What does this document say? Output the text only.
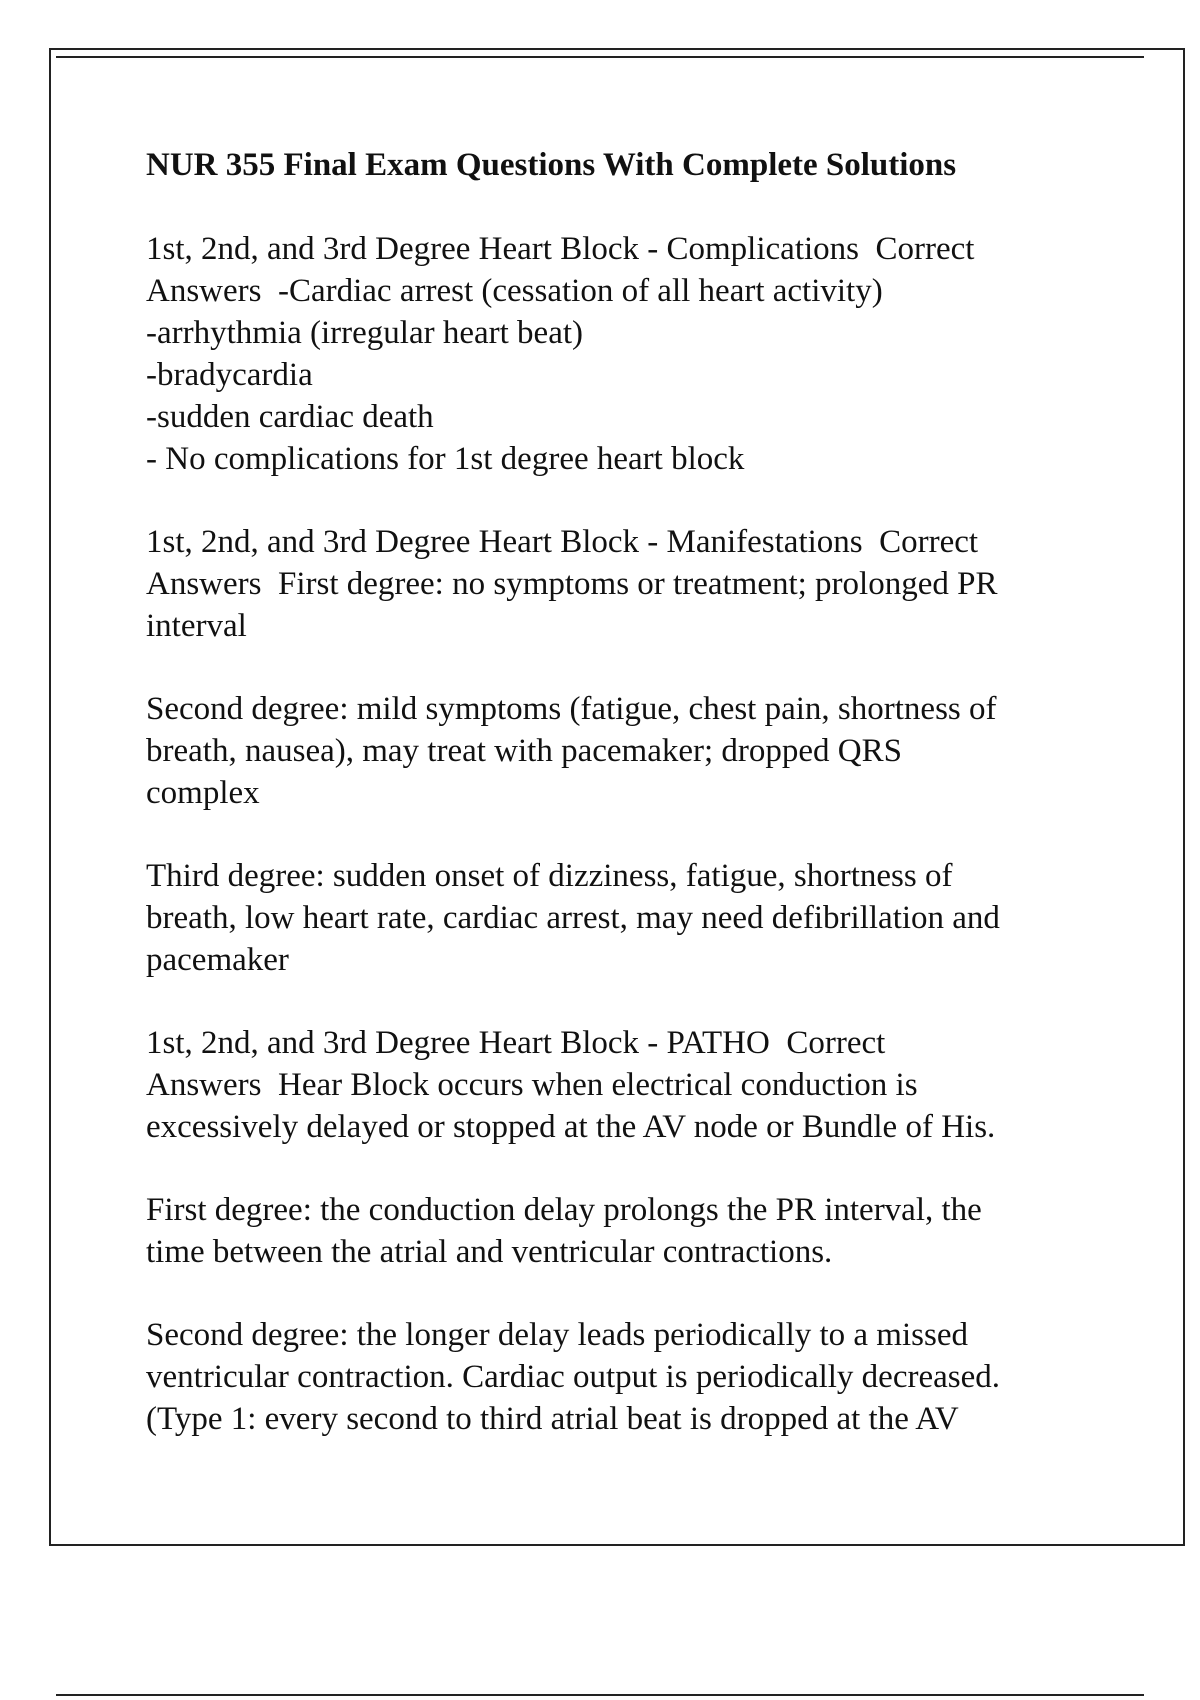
NUR 355 Final Exam Questions With Complete Solutions

1st, 2nd, and 3rd Degree Heart Block - Complications  Correct
Answers  -Cardiac arrest (cessation of all heart activity)
-arrhythmia (irregular heart beat)
-bradycardia
-sudden cardiac death
- No complications for 1st degree heart block

1st, 2nd, and 3rd Degree Heart Block - Manifestations  Correct
Answers  First degree: no symptoms or treatment; prolonged PR
interval

Second degree: mild symptoms (fatigue, chest pain, shortness of
breath, nausea), may treat with pacemaker; dropped QRS
complex

Third degree: sudden onset of dizziness, fatigue, shortness of
breath, low heart rate, cardiac arrest, may need defibrillation and
pacemaker

1st, 2nd, and 3rd Degree Heart Block - PATHO  Correct
Answers  Hear Block occurs when electrical conduction is
excessively delayed or stopped at the AV node or Bundle of His.

First degree: the conduction delay prolongs the PR interval, the
time between the atrial and ventricular contractions.

Second degree: the longer delay leads periodically to a missed
ventricular contraction. Cardiac output is periodically decreased.
(Type 1: every second to third atrial beat is dropped at the AV
